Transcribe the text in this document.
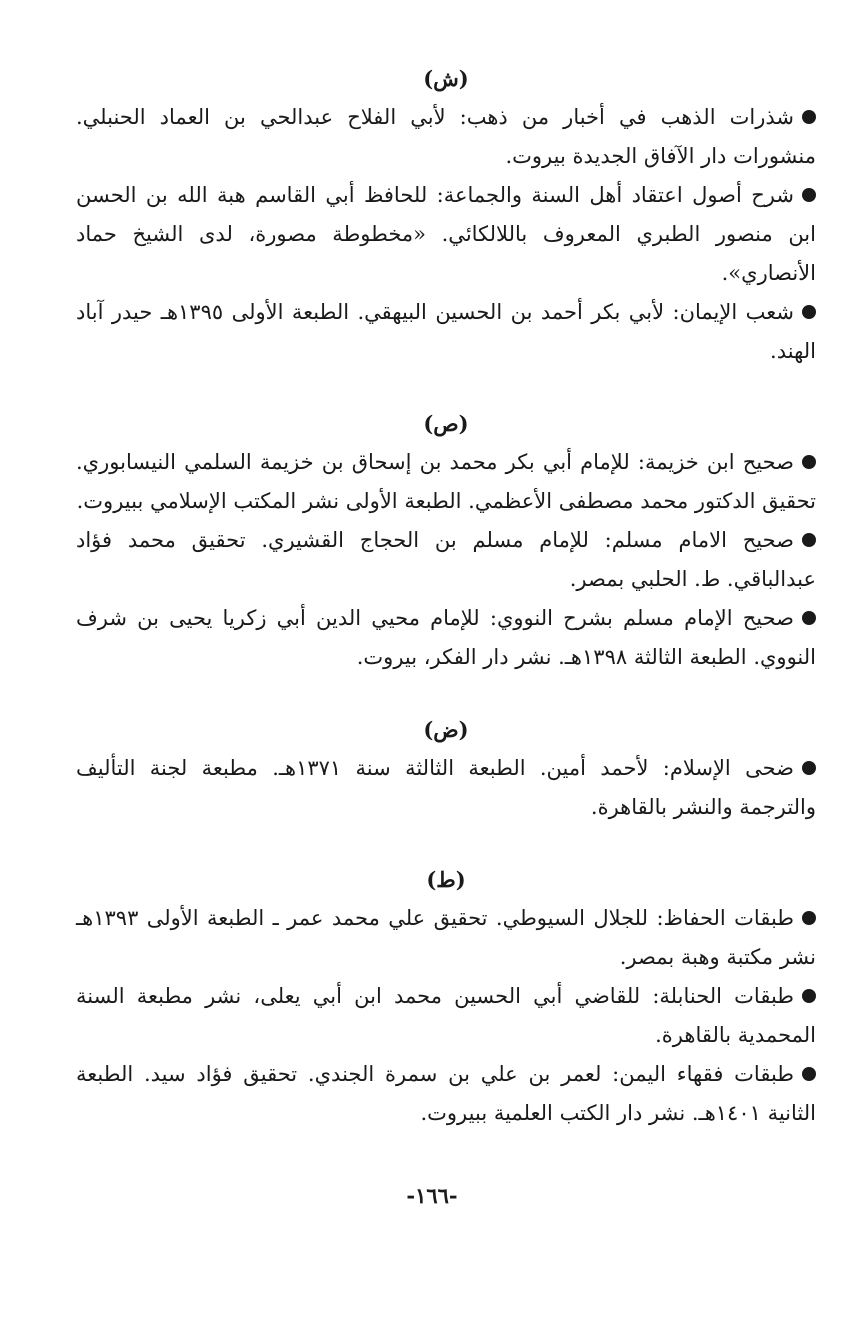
(ش)

شذرات الذهب في أخبار من ذهب: لأبي الفلاح عبدالحي بن العماد الحنبلي. منشورات دار الآفاق الجديدة بيروت.

شرح أصول اعتقاد أهل السنة والجماعة: للحافظ أبي القاسم هبة الله بن الحسن ابن منصور الطبري المعروف باللالكائي. «مخطوطة مصورة، لدى الشيخ حماد الأنصاري».

شعب الإيمان: لأبي بكر أحمد بن الحسين البيهقي. الطبعة الأولى ١٣٩٥هـ حيدر آباد الهند.

(ص)

صحيح ابن خزيمة: للإمام أبي بكر محمد بن إسحاق بن خزيمة السلمي النيسابوري. تحقيق الدكتور محمد مصطفى الأعظمي. الطبعة الأولى نشر المكتب الإسلامي ببيروت.

صحيح الامام مسلم: للإمام مسلم بن الحجاج القشيري. تحقيق محمد فؤاد عبدالباقي. ط. الحلبي بمصر.

صحيح الإمام مسلم بشرح النووي: للإمام محيي الدين أبي زكريا يحيى بن شرف النووي. الطبعة الثالثة ١٣٩٨هـ. نشر دار الفكر، بيروت.

(ض)

ضحى الإسلام: لأحمد أمين. الطبعة الثالثة سنة ١٣٧١هـ. مطبعة لجنة التأليف والترجمة والنشر بالقاهرة.

(ط)

طبقات الحفاظ: للجلال السيوطي. تحقيق علي محمد عمر ـ الطبعة الأولى ١٣٩٣هـ نشر مكتبة وهبة بمصر.

طبقات الحنابلة: للقاضي أبي الحسين محمد ابن أبي يعلى، نشر مطبعة السنة المحمدية بالقاهرة.

طبقات فقهاء اليمن: لعمر بن علي بن سمرة الجندي. تحقيق فؤاد سيد. الطبعة الثانية ١٤٠١هـ. نشر دار الكتب العلمية ببيروت.

-١٦٦-
